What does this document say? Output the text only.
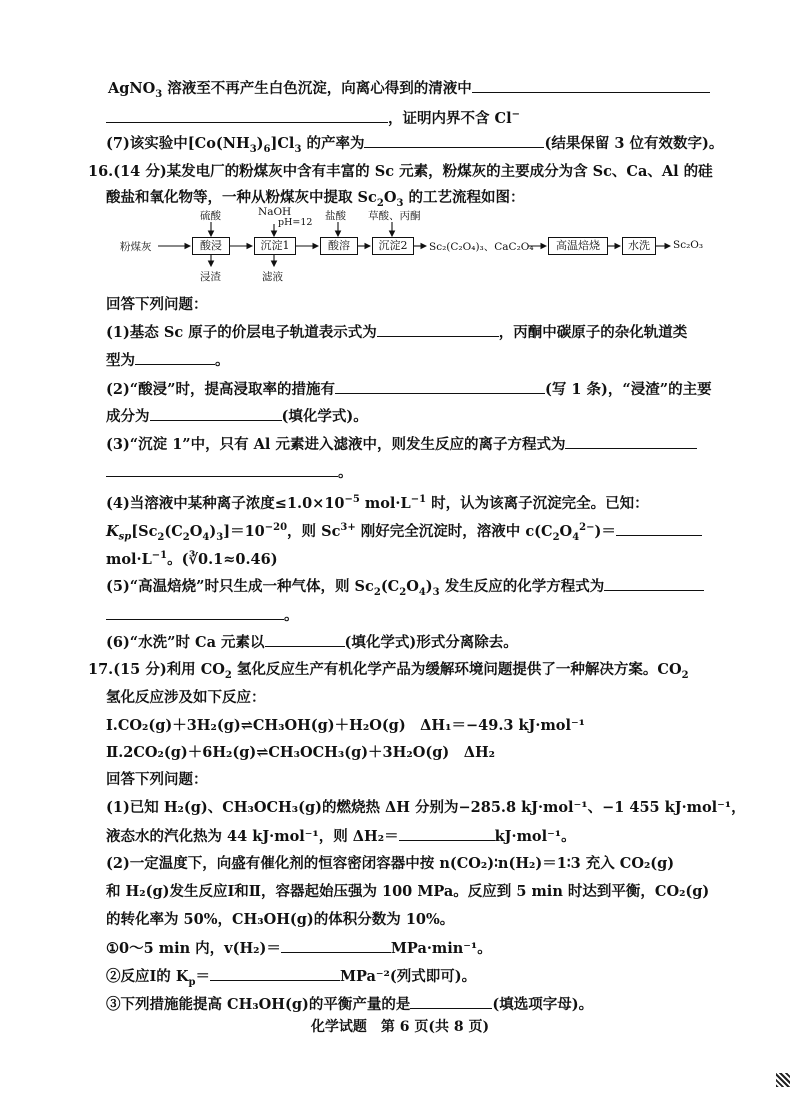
AgNO$_3$ 溶液至不再产生白色沉淀，向离心得到的清液中
，证明内界不含 Cl−
(7)该实验中$[Co(NH_3)_6]Cl_3$ 的产率为	(结果保留 3 位有效数字)。
16.(14 分)某发电厂的粉煤灰中含有丰富的 Sc 元素，粉煤灰的主要成分为含 Sc、Ca、Al 的硅
酸盐和氧化物等，一种从粉煤灰中提取 $Sc_2O_3$ 的工艺流程如图：
粉煤灰	酸浸	沉淀1	酸溶	沉淀2	Sc₂(C₂O₄)₃、CaC₂O₄	高温焙烧	水洗	Sc₂O₃
硫酸	NaOH
pH=12
盐酸 草酸、丙酮
浸渣	滤液
回答下列问题：
(1)基态 Sc 原子的价层电子轨道表示式为	，丙酮中碳原子的杂化轨道类
型为	。
(2)“酸浸”时，提高浸取率的措施有	(写 1 条)，“浸渣”的主要
成分为	(填化学式)。
(3)“沉淀 1”中，只有 Al 元素进入滤液中，则发生反应的离子方程式为
。
(4)当溶液中某种离子浓度$\le 1.0\times 10^{-5}$ $mol\cdot L^{-1}$ 时，认为该离子沉淀完全。已知：
$K_{sp}[Sc_2(C_2O_4)_3]=10^{-20}$，则 $Sc^{3+}$ 刚好完全沉淀时，溶液中 $c(C_2O_4^{2-})=$
$mol\cdot L^{-1}$。(∛0.1≈0.46)
(5)“高温焙烧”时只生成一种气体，则 $Sc_2(C_2O_4)_3$ 发生反应的化学方程式为
。
(6)“水洗”时 Ca 元素以	(填化学式)形式分离除去。
17.(15 分)利用 $CO_2$ 氢化反应生产有机化学产品为缓解环境问题提供了一种解决方案。$CO_2$
氢化反应涉及如下反应：
Ⅰ.CO₂(g)＋3H₂(g)⇌CH₃OH(g)＋H₂O(g)　ΔH₁＝−49.3 kJ·mol⁻¹
Ⅱ.2CO₂(g)＋6H₂(g)⇌CH₃OCH₃(g)＋3H₂O(g)　ΔH₂
回答下列问题：
(1)已知 H₂(g)、CH₃OCH₃(g)的燃烧热 ΔH 分别为−285.8 kJ·mol⁻¹、−1 455 kJ·mol⁻¹，
液态水的汽化热为 44 kJ·mol⁻¹，则 ΔH₂＝	kJ·mol⁻¹。
(2)一定温度下，向盛有催化剂的恒容密闭容器中按 n(CO₂)∶n(H₂)＝1∶3 充入 CO₂(g)
和 H₂(g)发生反应Ⅰ和Ⅱ，容器起始压强为 100 MPa。反应到 5 min 时达到平衡，CO₂(g)
的转化率为 50%，CH₃OH(g)的体积分数为 10%。
①0～5 min 内，v(H₂)＝	MPa·min⁻¹。
②反应Ⅰ的 $K_p=$	MPa⁻²(列式即可)。
③下列措施能提高 CH₃OH(g)的平衡产量的是	(填选项字母)。
化学试题　第 6 页(共 8 页)
